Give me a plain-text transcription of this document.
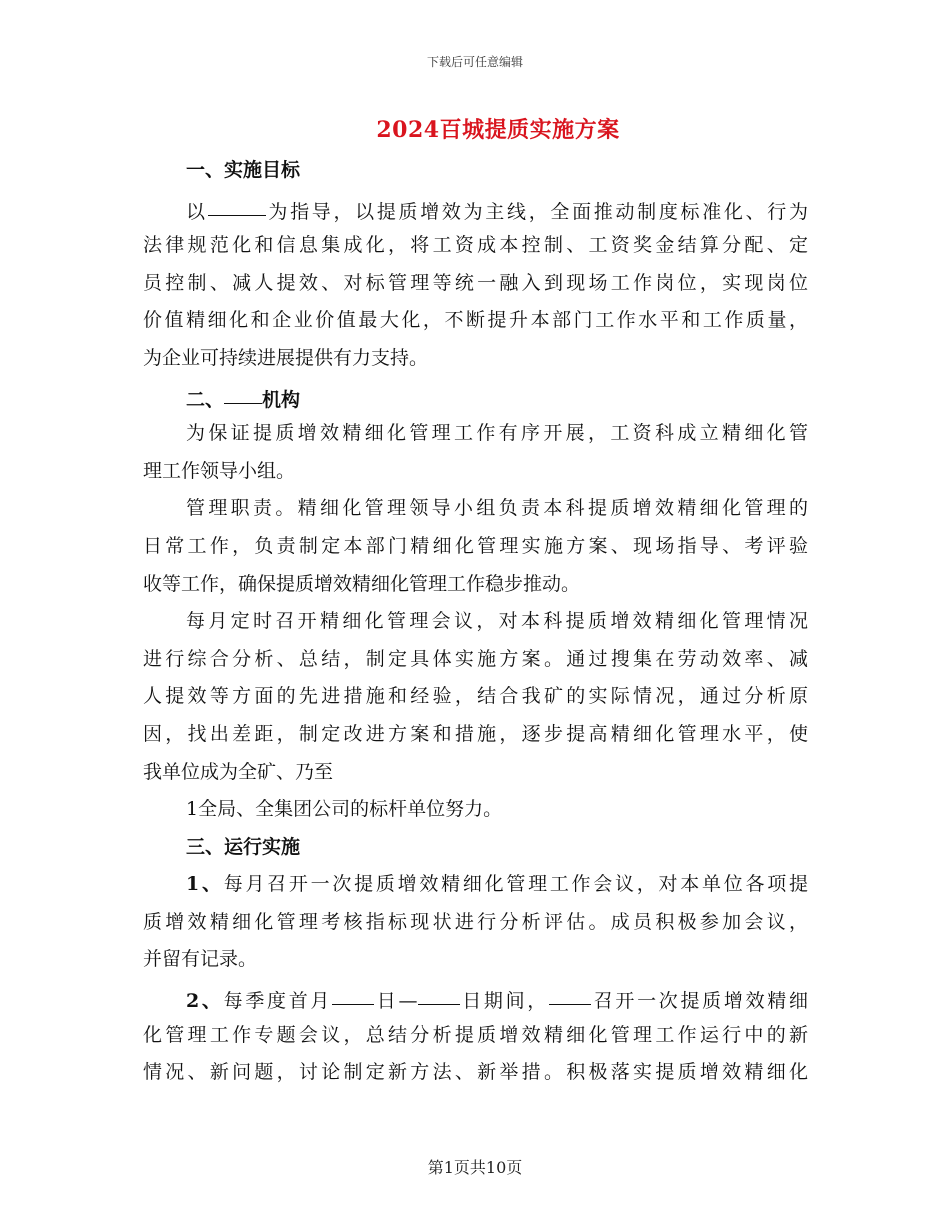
下载后可任意编辑
2024百城提质实施方案
一、实施目标
以	为指导，以提质增效为主线，全面推动制度标准化、行为
法律规范化和信息集成化，将工资成本控制、工资奖金结算分配、定
员控制、减人提效、对标管理等统一融入到现场工作岗位，实现岗位
价值精细化和企业价值最大化，不断提升本部门工作水平和工作质量，
为企业可持续进展提供有力支持。
二、 机构
为保证提质增效精细化管理工作有序开展，工资科成立精细化管
理工作领导小组。
管理职责。精细化管理领导小组负责本科提质增效精细化管理的
日常工作，负责制定本部门精细化管理实施方案、现场指导、考评验
收等工作，确保提质增效精细化管理工作稳步推动。
每月定时召开精细化管理会议，对本科提质增效精细化管理情况
进行综合分析、总结，制定具体实施方案。通过搜集在劳动效率、减
人提效等方面的先进措施和经验，结合我矿的实际情况，通过分析原
因，找出差距，制定改进方案和措施，逐步提高精细化管理水平，使
我单位成为全矿、乃至
1全局、全集团公司的标杆单位努力。
三、运行实施
1、每月召开一次提质增效精细化管理工作会议，对本单位各项提
质增效精细化管理考核指标现状进行分析评估。成员积极参加会议，
并留有记录。
2、每季度首月 日— 日期间， 召开一次提质增效精细
化管理工作专题会议，总结分析提质增效精细化管理工作运行中的新
情况、新问题，讨论制定新方法、新举措。积极落实提质增效精细化
第1页共10页
